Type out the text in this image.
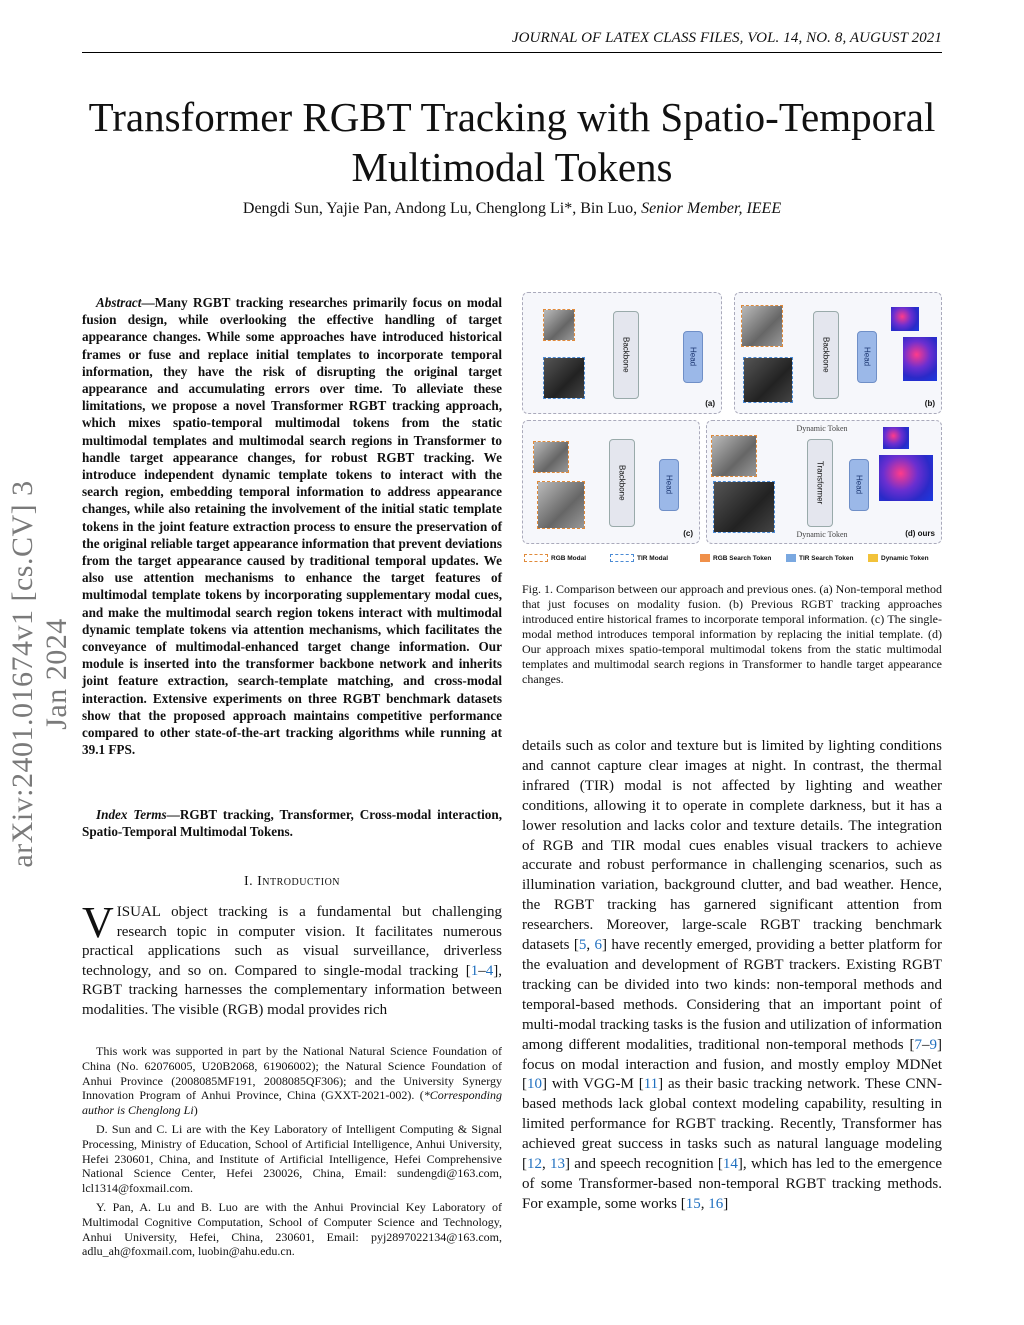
JOURNAL OF LATEX CLASS FILES, VOL. 14, NO. 8, AUGUST 2021
Transformer RGBT Tracking with Spatio-Temporal
Multimodal Tokens
Dengdi Sun, Yajie Pan, Andong Lu, Chenglong Li*, Bin Luo, Senior Member, IEEE
arXiv:2401.01674v1 [cs.CV] 3 Jan 2024
Abstract—Many RGBT tracking researches primarily focus on modal fusion design, while overlooking the effective handling of target appearance changes. While some approaches have introduced historical frames or fuse and replace initial templates to incorporate temporal information, they have the risk of disrupting the original target appearance and accumulating errors over time. To alleviate these limitations, we propose a novel Transformer RGBT tracking approach, which mixes spatio-temporal multimodal tokens from the static multimodal templates and multimodal search regions in Transformer to handle target appearance changes, for robust RGBT tracking. We introduce independent dynamic template tokens to interact with the search region, embedding temporal information to address appearance changes, while also retaining the involvement of the initial static template tokens in the joint feature extraction process to ensure the preservation of the original reliable target appearance information that prevent deviations from the target appearance caused by traditional temporal updates. We also use attention mechanisms to enhance the target features of multimodal template tokens by incorporating supplementary modal cues, and make the multimodal search region tokens interact with multimodal dynamic template tokens via attention mechanisms, which facilitates the conveyance of multimodal-enhanced target change information. Our module is inserted into the transformer backbone network and inherits joint feature extraction, search-template matching, and cross-modal interaction. Extensive experiments on three RGBT benchmark datasets show that the proposed approach maintains competitive performance compared to other state-of-the-art tracking algorithms while running at 39.1 FPS.
Index Terms—RGBT tracking, Transformer, Cross-modal interaction, Spatio-Temporal Multimodal Tokens.
I. Introduction
VISUAL object tracking is a fundamental but challenging research topic in computer vision. It facilitates numerous practical applications such as visual surveillance, driverless technology, and so on. Compared to single-modal tracking [1–4], RGBT tracking harnesses the complementary information between modalities. The visible (RGB) modal provides rich
This work was supported in part by the National Natural Science Foundation of China (No. 62076005, U20B2068, 61906002); the Natural Science Foundation of Anhui Province (2008085MF191, 2008085QF306); and the University Synergy Innovation Program of Anhui Province, China (GXXT-2021-002). (*Corresponding author is Chenglong Li)
D. Sun and C. Li are with the Key Laboratory of Intelligent Computing & Signal Processing, Ministry of Education, School of Artificial Intelligence, Anhui University, Hefei 230601, China, and Institute of Artificial Intelligence, Hefei Comprehensive National Science Center, Hefei 230026, China, Email: sundengdi@163.com, lcl1314@foxmail.com.
Y. Pan, A. Lu and B. Luo are with the Anhui Provincial Key Laboratory of Multimodal Cognitive Computation, School of Computer Science and Technology, Anhui University, Hefei, China, 230601, Email: pyj2897022134@163.com, adlu_ah@foxmail.com, luobin@ahu.edu.cn.
Backbone	Head
(a)
Backbone	Head
(b)
Backbone	Head
(c)
Dynamic Token
Transformer
Dynamic Token
Head
(d) ours
RGB Modal	TIR Modal	RGB Search Token	TIR Search Token	Dynamic Token
Fig. 1. Comparison between our approach and previous ones. (a) Non-temporal method that just focuses on modality fusion. (b) Previous RGBT tracking approaches introduced entire historical frames to incorporate temporal information. (c) The single-modal method introduces temporal information by replacing the initial template. (d) Our approach mixes spatio-temporal multimodal tokens from the static multimodal templates and multimodal search regions in Transformer to handle target appearance changes.
details such as color and texture but is limited by lighting conditions and cannot capture clear images at night. In contrast, the thermal infrared (TIR) modal is not affected by lighting and weather conditions, allowing it to operate in complete darkness, but it has a lower resolution and lacks color and texture details. The integration of RGB and TIR modal cues enables visual trackers to achieve accurate and robust performance in challenging scenarios, such as illumination variation, background clutter, and bad weather. Hence, the RGBT tracking has garnered significant attention from researchers. Moreover, large-scale RGBT tracking benchmark datasets [5, 6] have recently emerged, providing a better platform for the evaluation and development of RGBT trackers. Existing RGBT tracking can be divided into two kinds: non-temporal methods and temporal-based methods. Considering that an important point of multi-modal tracking tasks is the fusion and utilization of information among different modalities, traditional non-temporal methods [7–9] focus on modal interaction and fusion, and mostly employ MDNet [10] with VGG-M [11] as their basic tracking network. These CNN-based methods lack global context modeling capability, resulting in limited performance for RGBT tracking. Recently, Transformer has achieved great success in tasks such as natural language modeling [12, 13] and speech recognition [14], which has led to the emergence of some Transformer-based non-temporal RGBT tracking methods. For example, some works [15, 16]
